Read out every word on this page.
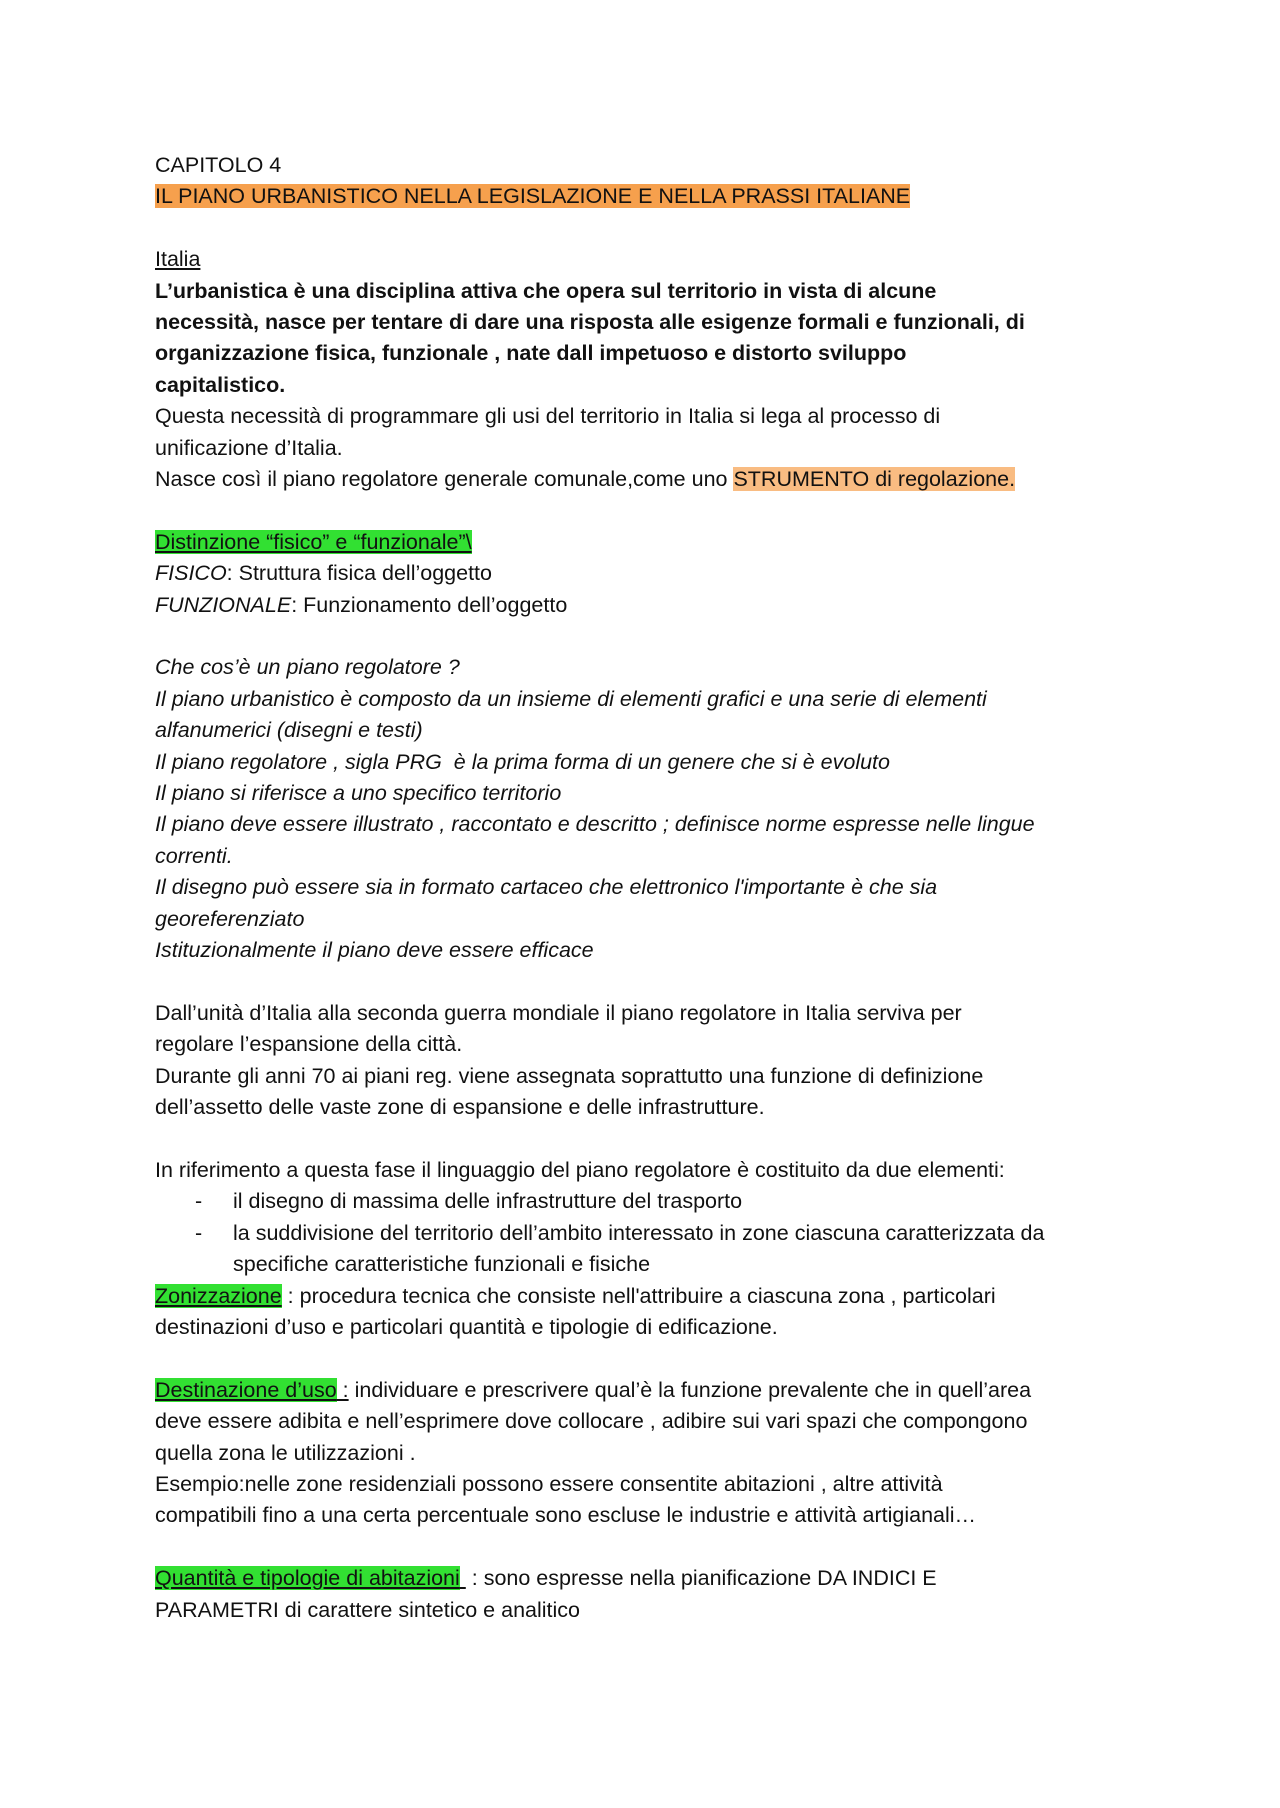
CAPITOLO 4
IL PIANO URBANISTICO NELLA LEGISLAZIONE E NELLA PRASSI ITALIANE
Italia
L’urbanistica è una disciplina attiva che opera sul territorio in vista di alcune
necessità, nasce per tentare di dare una risposta alle esigenze formali e funzionali, di
organizzazione fisica, funzionale , nate dall impetuoso e distorto sviluppo
capitalistico.
Questa necessità di programmare gli usi del territorio in Italia si lega al processo di
unificazione d’Italia.
Nasce così il piano regolatore generale comunale,come uno STRUMENTO di regolazione.
Distinzione “fisico” e “funzionale”\
FISICO: Struttura fisica dell’oggetto
FUNZIONALE: Funzionamento dell’oggetto
Che cos’è un piano regolatore ?
Il piano urbanistico è composto da un insieme di elementi grafici e una serie di elementi
alfanumerici (disegni e testi)
Il piano regolatore , sigla PRG  è la prima forma di un genere che si è evoluto
Il piano si riferisce a uno specifico territorio
Il piano deve essere illustrato , raccontato e descritto ; definisce norme espresse nelle lingue
correnti.
Il disegno può essere sia in formato cartaceo che elettronico l'importante è che sia
georeferenziato
Istituzionalmente il piano deve essere efficace
Dall’unità d’Italia alla seconda guerra mondiale il piano regolatore in Italia serviva per
regolare l’espansione della città.
Durante gli anni 70 ai piani reg. viene assegnata soprattutto una funzione di definizione
dell’assetto delle vaste zone di espansione e delle infrastrutture.
In riferimento a questa fase il linguaggio del piano regolatore è costituito da due elementi:
- il disegno di massima delle infrastrutture del trasporto
- la suddivisione del territorio dell’ambito interessato in zone ciascuna caratterizzata da
specifiche caratteristiche funzionali e fisiche
Zonizzazione : procedura tecnica che consiste nell'attribuire a ciascuna zona , particolari
destinazioni d’uso e particolari quantità e tipologie di edificazione.
Destinazione d’uso : individuare e prescrivere qual’è la funzione prevalente che in quell’area
deve essere adibita e nell’esprimere dove collocare , adibire sui vari spazi che compongono
quella zona le utilizzazioni .
Esempio:nelle zone residenziali possono essere consentite abitazioni , altre attività
compatibili fino a una certa percentuale sono escluse le industrie e attività artigianali…
Quantità e tipologie di abitazioni  : sono espresse nella pianificazione DA INDICI E
PARAMETRI di carattere sintetico e analitico
